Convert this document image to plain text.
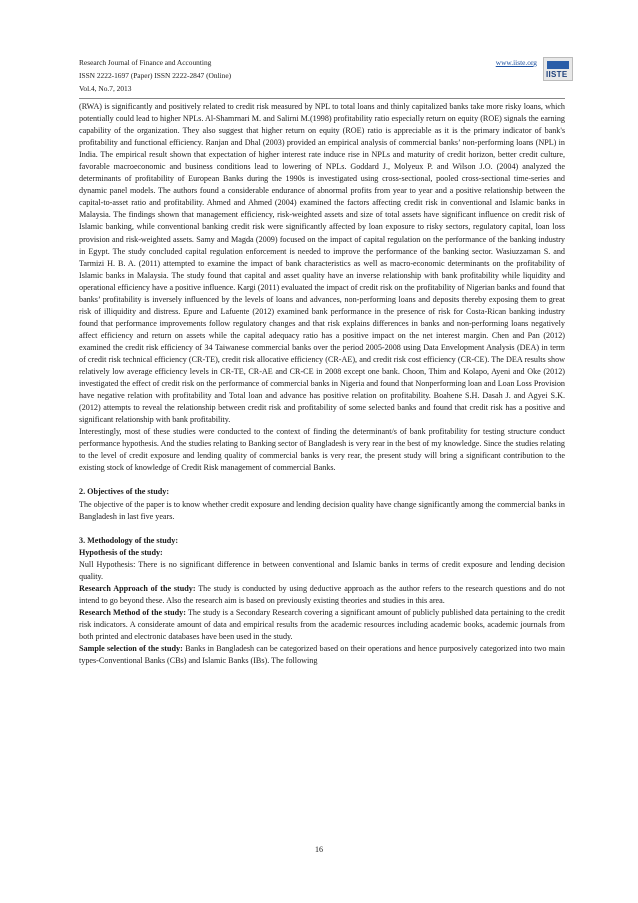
Research Journal of Finance and Accounting	www.iiste.org
ISSN 2222-1697 (Paper) ISSN 2222-2847 (Online)
Vol.4, No.7, 2013
IISTE

(RWA) is significantly and positively related to credit risk measured by NPL to total loans and thinly capitalized banks take more risky loans, which potentially could lead to higher NPLs. Al-Shamrnari M. and Salirni M.(1998) profitability ratio especially return on equity (ROE) signals the earning capability of the organization. They also suggest that higher return on equity (ROE) ratio is appreciable as it is the primary indicator of bank's profitability and functional efficiency. Ranjan and Dhal (2003) provided an empirical analysis of commercial banks’ non-performing loans (NPL) in India. The empirical result shown that expectation of higher interest rate induce rise in NPLs and maturity of credit horizon, better credit culture, favorable macroeconomic and business conditions lead to lowering of NPLs. Goddard J., Molyeux P. and Wilson J.O. (2004) analyzed the determinants of profitability of European Banks during the 1990s is investigated using cross-sectional, pooled cross-sectional time-series and dynamic panel models. The authors found a considerable endurance of abnormal profits from year to year and a positive relationship between the capital-to-asset ratio and profitability. Ahmed and Ahmed (2004) examined the factors affecting credit risk in conventional and Islamic banks in Malaysia. The findings shown that management efficiency, risk-weighted assets and size of total assets have significant influence on credit risk of Islamic banking, while conventional banking credit risk were significantly affected by loan exposure to risky sectors, regulatory capital, loan loss provision and risk-weighted assets. Samy and Magda (2009) focused on the impact of capital regulation on the performance of the banking industry in Egypt. The study concluded capital regulation enforcement is needed to improve the performance of the banking sector. Wasiuzzaman S. and Tarmizi H. B. A. (2011) attempted to examine the impact of bank characteristics as well as macro-economic determinants on the profitability of Islamic banks in Malaysia. The study found that capital and asset quality have an inverse relationship with bank profitability while liquidity and operational efficiency have a positive influence. Kargi (2011) evaluated the impact of credit risk on the profitability of Nigerian banks and found that banks’ profitability is inversely influenced by the levels of loans and advances, non-performing loans and deposits thereby exposing them to great risk of illiquidity and distress. Epure and Lafuente (2012) examined bank performance in the presence of risk for Costa-Rican banking industry found that performance improvements follow regulatory changes and that risk explains differences in banks and non-performing loans negatively affect efficiency and return on assets while the capital adequacy ratio has a positive impact on the net interest margin. Chen and Pan (2012) examined the credit risk efficiency of 34 Taiwanese commercial banks over the period 2005-2008 using Data Envelopment Analysis (DEA) in term of credit risk technical efficiency (CR-TE), credit risk allocative efficiency (CR-AE), and credit risk cost efficiency (CR-CE). The DEA results show relatively low average efficiency levels in CR-TE, CR-AE and CR-CE in 2008 except one bank. Choon, Thim and Kolapo, Ayeni and Oke (2012) investigated the effect of credit risk on the performance of commercial banks in Nigeria and found that Nonperforming loan and Loan Loss Provision have negative relation with profitability and Total loan and advance has positive relation on profitability. Boahene S.H. Dasah J. and Agyei S.K.(2012) attempts to reveal the relationship between credit risk and profitability of some selected banks and found that credit risk has a positive and significant relationship with bank profitability.

Interestingly, most of these studies were conducted to the context of finding the determinant/s of bank profitability for testing structure conduct performance hypothesis. And the studies relating to Banking sector of Bangladesh is very rear in the best of my knowledge. Since the studies relating to the level of credit exposure and lending quality of commercial banks is very rear, the present study will bring a significant contribution to the existing stock of knowledge of Credit Risk management of commercial Banks.

2. Objectives of the study:

The objective of the paper is to know whether credit exposure and lending decision quality have change significantly among the commercial banks in Bangladesh in last five years.

3. Methodology of the study:
Hypothesis of the study:

Null Hypothesis: There is no significant difference in between conventional and Islamic banks in terms of credit exposure and lending decision quality.

Research Approach of the study: The study is conducted by using deductive approach as the author refers to the research questions and do not intend to go beyond these. Also the research aim is based on previously existing theories and studies in this area.

Research Method of the study: The study is a Secondary Research covering a significant amount of publicly published data pertaining to the credit risk indicators. A considerate amount of data and empirical results from the academic resources including academic books, academic journals from both printed and electronic databases have been used in the study.

Sample selection of the study: Banks in Bangladesh can be categorized based on their operations and hence purposively categorized into two main types-Conventional Banks (CBs) and Islamic Banks (IBs). The following

16
